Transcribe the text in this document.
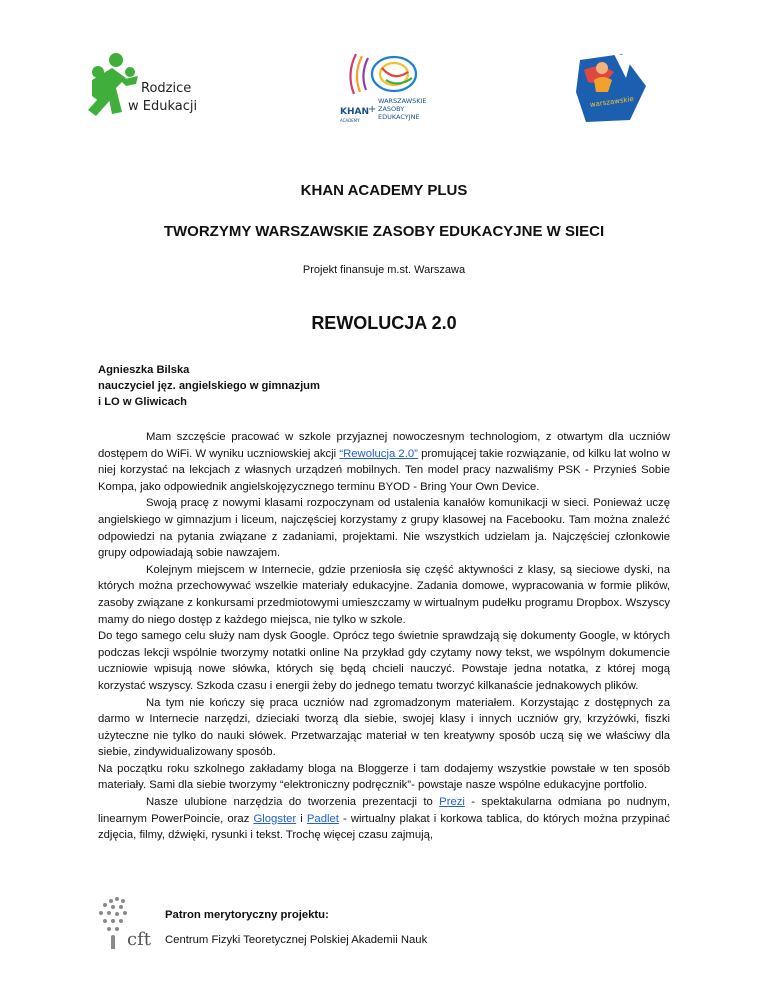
Rodzice
w Edukacji	KHAN
ACADEMY
+
WARSZAWSKIE
ZASOBY
EDUKACYJNE
warszawskie
KHAN ACADEMY PLUS
TWORZYMY WARSZAWSKIE ZASOBY EDUKACYJNE W SIECI
Projekt finansuje m.st. Warszawa
REWOLUCJA 2.0
Agnieszka Bilska
nauczyciel jęz. angielskiego w gimnazjum
i LO w Gliwicach

Mam szczęście pracować w szkole przyjaznej nowoczesnym technologiom, z otwartym dla uczniów dostępem do WiFi. W wyniku uczniowskiej akcji “Rewolucja 2.0” promującej takie rozwiązanie, od kilku lat wolno w niej korzystać na lekcjach z własnych urządzeń mobilnych. Ten model pracy nazwaliśmy PSK - Przynieś Sobie Kompa, jako odpowiednik angielskojęzycznego terminu BYOD - Bring Your Own Device.

Swoją pracę z nowymi klasami rozpoczynam od ustalenia kanałów komunikacji w sieci. Ponieważ uczę angielskiego w gimnazjum i liceum, najczęściej korzystamy z grupy klasowej na Facebooku. Tam można znaleźć odpowiedzi na pytania związane z zadaniami, projektami. Nie wszystkich udzielam ja. Najczęściej członkowie grupy odpowiadają sobie nawzajem.

Kolejnym miejscem w Internecie, gdzie przeniosła się część aktywności z klasy, są sieciowe dyski, na których można przechowywać wszelkie materiały edukacyjne. Zadania domowe, wypracowania w formie plików, zasoby związane z konkursami przedmiotowymi umieszczamy w wirtualnym pudełku programu Dropbox. Wszyscy mamy do niego dostęp z każdego miejsca, nie tylko w szkole.

Do tego samego celu służy nam dysk Google. Oprócz tego świetnie sprawdzają się dokumenty Google, w których podczas lekcji wspólnie tworzymy notatki online Na przykład gdy czytamy nowy tekst, we wspólnym dokumencie uczniowie wpisują nowe słówka, których się będą chcieli nauczyć. Powstaje jedna notatka, z której mogą korzystać wszyscy. Szkoda czasu i energii żeby do jednego tematu tworzyć kilkanaście jednakowych plików.

Na tym nie kończy się praca uczniów nad zgromadzonym materiałem. Korzystając z dostępnych za darmo w Internecie narzędzi, dzieciaki tworzą dla siebie, swojej klasy i innych uczniów gry, krzyżówki, fiszki użyteczne nie tylko do nauki słówek. Przetwarzając materiał w ten kreatywny sposób uczą się we właściwy dla siebie, zindywidualizowany sposób.

Na początku roku szkolnego zakładamy bloga na Bloggerze i tam dodajemy wszystkie powstałe w ten sposób materiały. Sami dla siebie tworzymy “elektroniczny podręcznik”- powstaje nasze wspólne edukacyjne portfolio.

Nasze ulubione narzędzia do tworzenia prezentacji to Prezi - spektakularna odmiana po nudnym, linearnym PowerPoincie, oraz Glogster i Padlet - wirtualny plakat i korkowa tablica, do których można przypinać zdjęcia, filmy, dźwięki, rysunki i tekst. Trochę więcej czasu zajmują,

cft
Patron merytoryczny projektu:
Centrum Fizyki Teoretycznej Polskiej Akademii Nauk
